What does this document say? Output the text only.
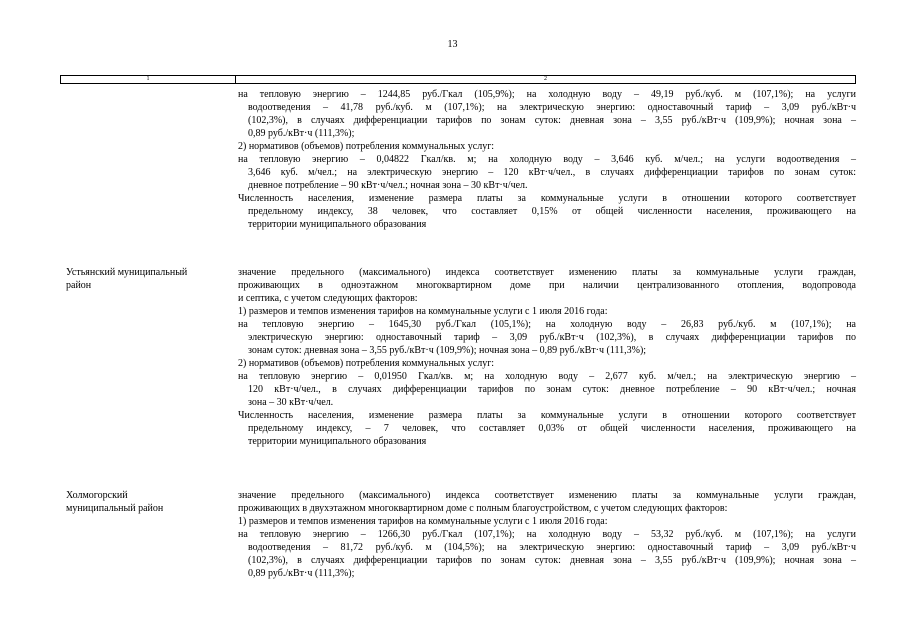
13
1	2
на тепловую энергию – 1244,85 руб./Гкал (105,9%); на холодную воду – 49,19 руб./куб. м (107,1%); на услуги
водоотведения – 41,78 руб./куб. м (107,1%); на электрическую энергию: одноставочный тариф – 3,09 руб./кВт·ч
(102,3%), в случаях дифференциации тарифов по зонам суток: дневная зона – 3,55 руб./кВт·ч (109,9%); ночная зона –
0,89 руб./кВт·ч (111,3%);
2) нормативов (объемов) потребления коммунальных услуг:
на тепловую энергию – 0,04822 Гкал/кв. м; на холодную воду – 3,646 куб. м/чел.; на услуги водоотведения –
3,646 куб. м/чел.; на электрическую энергию – 120 кВт·ч/чел., в случаях дифференциации тарифов по зонам суток:
дневное потребление – 90 кВт·ч/чел.; ночная зона – 30 кВт·ч/чел.
Численность населения, изменение размера платы за коммунальные услуги в отношении которого соответствует
предельному индексу, 38 человек, что составляет 0,15% от общей численности населения, проживающего на
территории муниципального образования
Устьянский муниципальный
район
значение предельного (максимального) индекса соответствует изменению платы за коммунальные услуги граждан,
проживающих в одноэтажном многоквартирном доме при наличии централизованного отопления, водопровода
и септика, с учетом следующих факторов:
1) размеров и темпов изменения тарифов на коммунальные услуги с 1 июля 2016 года:
на тепловую энергию – 1645,30 руб./Гкал (105,1%); на холодную воду – 26,83 руб./куб. м (107,1%); на
электрическую энергию: одноставочный тариф – 3,09 руб./кВт·ч (102,3%), в случаях дифференциации тарифов по
зонам суток: дневная зона – 3,55 руб./кВт·ч (109,9%); ночная зона – 0,89 руб./кВт·ч (111,3%);
2) нормативов (объемов) потребления коммунальных услуг:
на тепловую энергию – 0,01950 Гкал/кв. м; на холодную воду – 2,677 куб. м/чел.; на электрическую энергию –
120 кВт·ч/чел., в случаях дифференциации тарифов по зонам суток: дневное потребление – 90 кВт·ч/чел.; ночная
зона – 30 кВт·ч/чел.
Численность населения, изменение размера платы за коммунальные услуги в отношении которого соответствует
предельному индексу, – 7 человек, что составляет 0,03% от общей численности населения, проживающего на
территории муниципального образования
Холмогорский
муниципальный район
значение предельного (максимального) индекса соответствует изменению платы за коммунальные услуги граждан,
проживающих в двухэтажном многоквартирном доме с полным благоустройством, с учетом следующих факторов:
1) размеров и темпов изменения тарифов на коммунальные услуги с 1 июля 2016 года:
на тепловую энергию – 1266,30 руб./Гкал (107,1%); на холодную воду – 53,32 руб./куб. м (107,1%); на услуги
водоотведения – 81,72 руб./куб. м (104,5%); на электрическую энергию: одноставочный тариф – 3,09 руб./кВт·ч
(102,3%), в случаях дифференциации тарифов по зонам суток: дневная зона – 3,55 руб./кВт·ч (109,9%); ночная зона –
0,89 руб./кВт·ч (111,3%);
